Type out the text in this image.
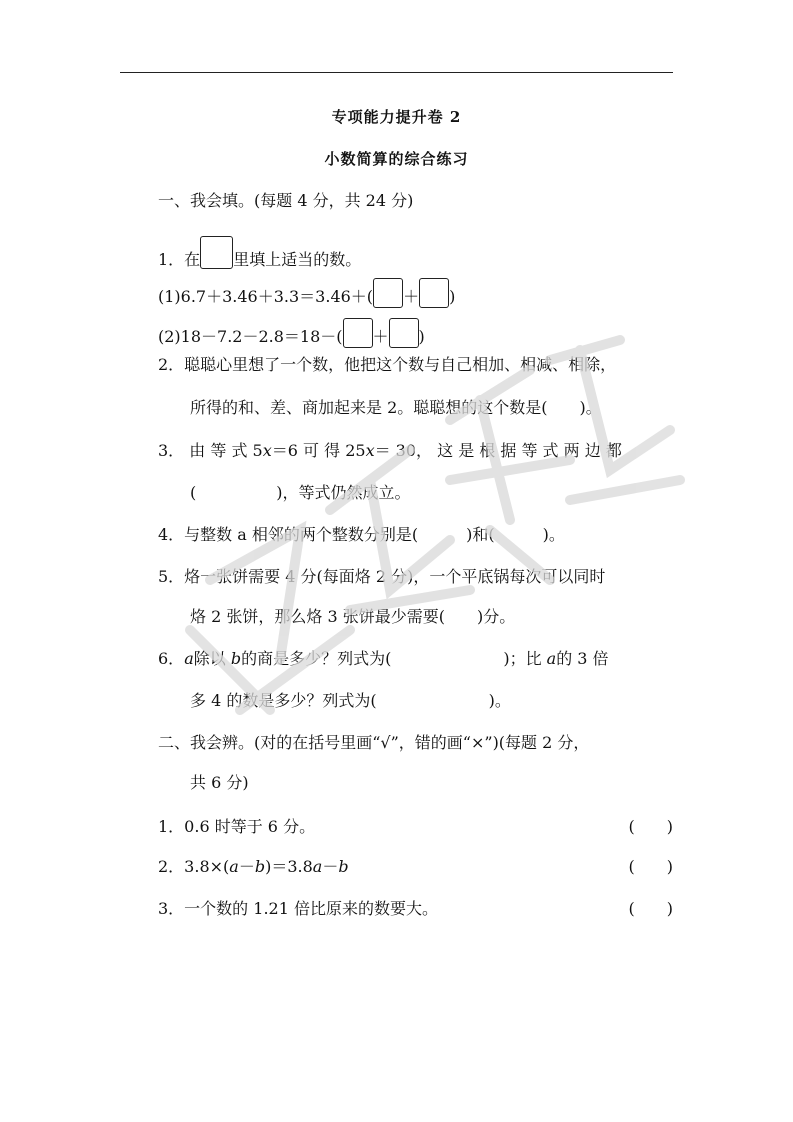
专项能力提升卷 2
小数简算的综合练习
一、我会填。(每题 4 分，共 24 分)
1．在 里填上适当的数。
(1)6.7＋3.46＋3.3＝3.46＋( ＋ )
(2)18－7.2－2.8＝18－( ＋ )
2．聪聪心里想了一个数，他把这个数与自己相加、相减、相除，
所得的和、差、商加起来是 2。聪聪想的这个数是(　　)。
3． 由 等 式 5x＝6 可 得 25x＝ 30， 这 是 根 据 等 式 两 边 都
(　　　　　)，等式仍然成立。
4．与整数 a 相邻的两个整数分别是(　　　)和(　　　)。
5．烙一张饼需要 4 分(每面烙 2 分)，一个平底锅每次可以同时
烙 2 张饼，那么烙 3 张饼最少需要(　　)分。
6．a除以 b的商是多少？列式为(　　　　　　　)；比 a的 3 倍
多 4 的数是多少？列式为(　　　　　　　)。
二、我会辨。(对的在括号里画“√”，错的画“×”)(每题 2 分，
共 6 分)
1．0.6 时等于 6 分。	(　　)
2．3.8×(a－b)＝3.8a－b	(　　)
3．一个数的 1.21 倍比原来的数要大。	(　　)
